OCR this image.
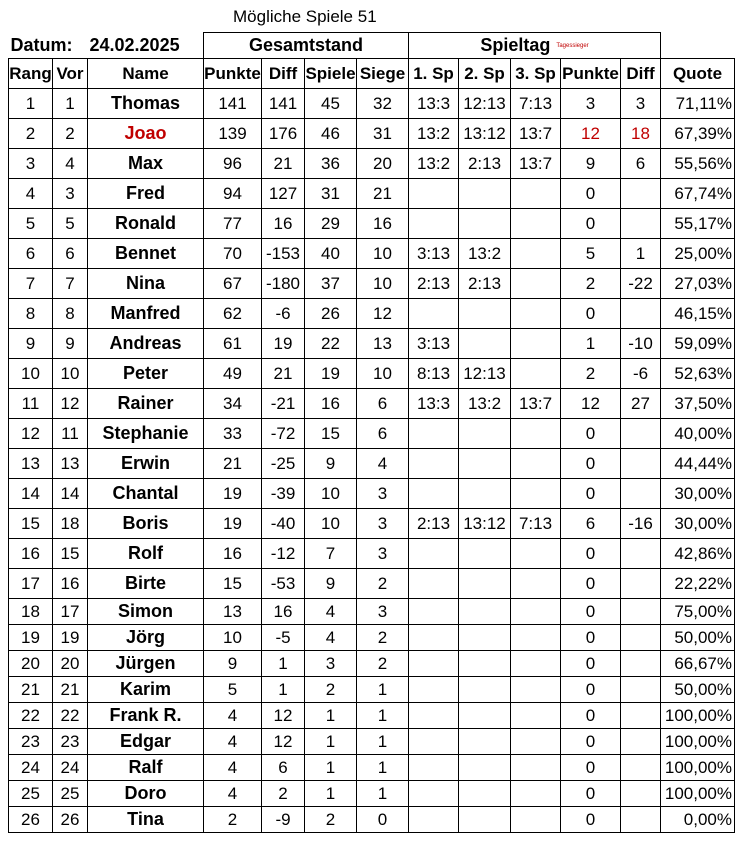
Mögliche Spiele 51
Datum:		24.02.2025	Gesamtstand				Spieltag Tagessieger					
Rang	Vor	Name	Punkte	Diff	Spiele	Siege	1. Sp	2. Sp	3. Sp	Punkte	Diff	Quote
1	1	Thomas	141	141	45	32	13:3	12:13	7:13	3	3	71,11%
2	2	Joao	139	176	46	31	13:2	13:12	13:7	12	18	67,39%
3	4	Max	96	21	36	20	13:2	2:13	13:7	9	6	55,56%
4	3	Fred	94	127	31	21				0		67,74%
5	5	Ronald	77	16	29	16				0		55,17%
6	6	Bennet	70	-153	40	10	3:13	13:2		5	1	25,00%
7	7	Nina	67	-180	37	10	2:13	2:13		2	-22	27,03%
8	8	Manfred	62	-6	26	12				0		46,15%
9	9	Andreas	61	19	22	13	3:13			1	-10	59,09%
10	10	Peter	49	21	19	10	8:13	12:13		2	-6	52,63%
11	12	Rainer	34	-21	16	6	13:3	13:2	13:7	12	27	37,50%
12	11	Stephanie	33	-72	15	6				0		40,00%
13	13	Erwin	21	-25	9	4				0		44,44%
14	14	Chantal	19	-39	10	3				0		30,00%
15	18	Boris	19	-40	10	3	2:13	13:12	7:13	6	-16	30,00%
16	15	Rolf	16	-12	7	3				0		42,86%
17	16	Birte	15	-53	9	2				0		22,22%
18	17	Simon	13	16	4	3				0		75,00%
19	19	Jörg	10	-5	4	2				0		50,00%
20	20	Jürgen	9	1	3	2				0		66,67%
21	21	Karim	5	1	2	1				0		50,00%
22	22	Frank R.	4	12	1	1				0		100,00%
23	23	Edgar	4	12	1	1				0		100,00%
24	24	Ralf	4	6	1	1				0		100,00%
25	25	Doro	4	2	1	1				0		100,00%
26	26	Tina	2	-9	2	0				0		0,00%
